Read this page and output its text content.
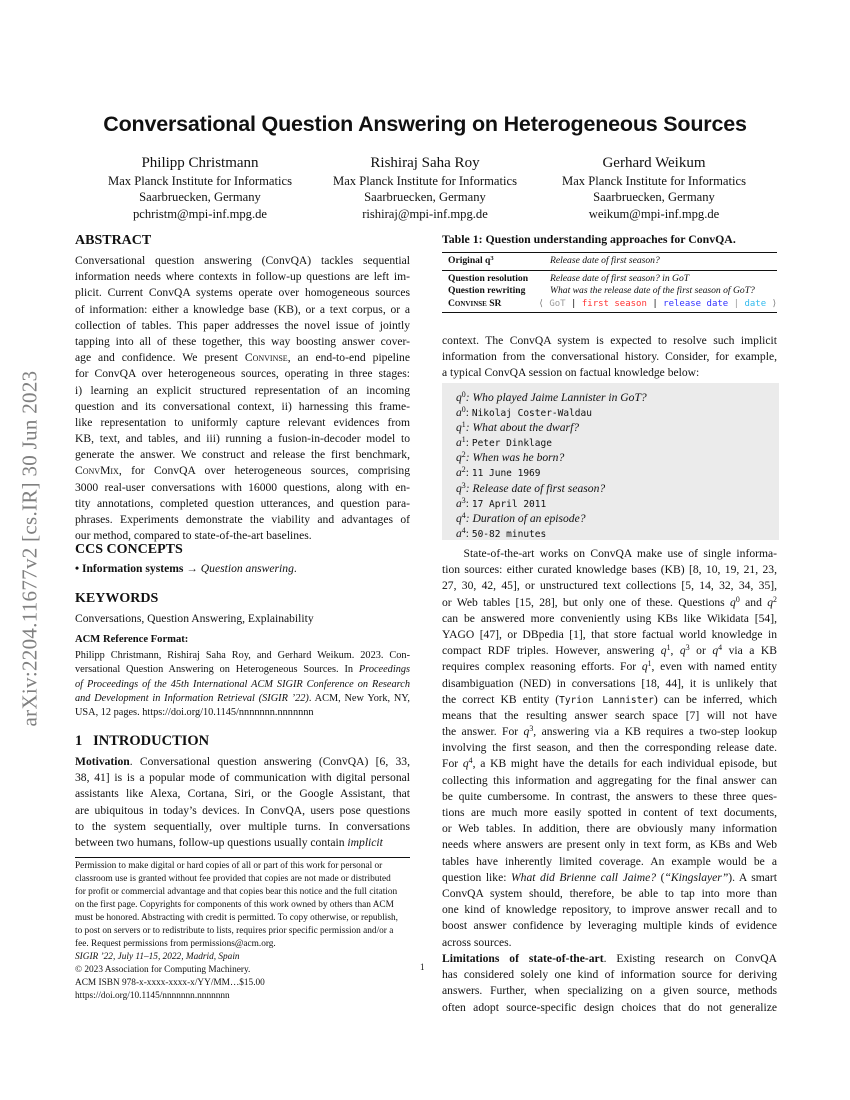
arXiv:2204.11677v2 [cs.IR] 30 Jun 2023
Conversational Question Answering on Heterogeneous Sources
Philipp Christmann
Max Planck Institute for Informatics
Saarbruecken, Germany
pchristm@mpi-inf.mpg.de
Rishiraj Saha Roy
Max Planck Institute for Informatics
Saarbruecken, Germany
rishiraj@mpi-inf.mpg.de
Gerhard Weikum
Max Planck Institute for Informatics
Saarbruecken, Germany
weikum@mpi-inf.mpg.de
ABSTRACT
Conversational question answering (ConvQA) tackles sequential
information needs where contexts in follow-up questions are left im-
plicit. Current ConvQA systems operate over homogeneous sources
of information: either a knowledge base (KB), or a text corpus, or a
collection of tables. This paper addresses the novel issue of jointly
tapping into all of these together, this way boosting answer cover-
age and confidence. We present Convinse, an end-to-end pipeline
for ConvQA over heterogeneous sources, operating in three stages:
i) learning an explicit structured representation of an incoming
question and its conversational context, ii) harnessing this frame-
like representation to uniformly capture relevant evidences from
KB, text, and tables, and iii) running a fusion-in-decoder model to
generate the answer. We construct and release the first benchmark,
ConvMix, for ConvQA over heterogeneous sources, comprising
3000 real-user conversations with 16000 questions, along with en-
tity annotations, completed question utterances, and question para-
phrases. Experiments demonstrate the viability and advantages of
our method, compared to state-of-the-art baselines.
CCS CONCEPTS
• Information systems → Question answering.
KEYWORDS
Conversations, Question Answering, Explainability
ACM Reference Format:
Philipp Christmann, Rishiraj Saha Roy, and Gerhard Weikum. 2023. Con-
versational Question Answering on Heterogeneous Sources. In Proceedings
of Proceedings of the 45th International ACM SIGIR Conference on Research
and Development in Information Retrieval (SIGIR ’22). ACM, New York, NY,
USA, 12 pages. https://doi.org/10.1145/nnnnnnn.nnnnnnn
1   INTRODUCTION
Motivation. Conversational question answering (ConvQA) [6, 33,
38, 41] is is a popular mode of communication with digital personal
assistants like Alexa, Cortana, Siri, or the Google Assistant, that
are ubiquitous in today’s devices. In ConvQA, users pose questions
to the system sequentially, over multiple turns. In conversations
between two humans, follow-up questions usually contain implicit
Permission to make digital or hard copies of all or part of this work for personal or
classroom use is granted without fee provided that copies are not made or distributed
for profit or commercial advantage and that copies bear this notice and the full citation
on the first page. Copyrights for components of this work owned by others than ACM
must be honored. Abstracting with credit is permitted. To copy otherwise, or republish,
to post on servers or to redistribute to lists, requires prior specific permission and/or a
fee. Request permissions from permissions@acm.org.
SIGIR ’22, July 11–15, 2022, Madrid, Spain
© 2023 Association for Computing Machinery.
ACM ISBN 978-x-xxxx-xxxx-x/YY/MM…$15.00
https://doi.org/10.1145/nnnnnnn.nnnnnnn
Table 1: Question understanding approaches for ConvQA.
Original $q^3$	Release date of first season?
Question resolution	Release date of first season? in GoT
Question rewriting	What was the release date of the first season of GoT?
Convinse SR	⟨ GoT | first season | release date | date ⟩
context. The ConvQA system is expected to resolve such implicit
information from the conversational history. Consider, for example,
a typical ConvQA session on factual knowledge below:
$q^0$: Who played Jaime Lannister in GoT?
$a^0$: Nikolaj Coster-Waldau
$q^1$: What about the dwarf?
$a^1$: Peter Dinklage
$q^2$: When was he born?
$a^2$: 11 June 1969
$q^3$: Release date of first season?
$a^3$: 17 April 2011
$q^4$: Duration of an episode?
$a^4$: 50-82 minutes
State-of-the-art works on ConvQA make use of single informa-
tion sources: either curated knowledge bases (KB) [8, 10, 19, 21, 23,
27, 30, 42, 45], or unstructured text collections [5, 14, 32, 34, 35],
or Web tables [15, 28], but only one of these. Questions $q^0$ and $q^2$
can be answered more conveniently using KBs like Wikidata [54],
YAGO [47], or DBpedia [1], that store factual world knowledge in
compact RDF triples. However, answering $q^1$, $q^3$ or $q^4$ via a KB
requires complex reasoning efforts. For $q^1$, even with named entity
disambiguation (NED) in conversations [18, 44], it is unlikely that
the correct KB entity (Tyrion Lannister) can be inferred, which
means that the resulting answer search space [7] will not have
the answer. For $q^3$, answering via a KB requires a two-step lookup
involving the first season, and then the corresponding release date.
For $q^4$, a KB might have the details for each individual episode, but
collecting this information and aggregating for the final answer can
be quite cumbersome. In contrast, the answers to these three ques-
tions are much more easily spotted in content of text documents,
or Web tables. In addition, there are obviously many information
needs where answers are present only in text form, as KBs and Web
tables have inherently limited coverage. An example would be a
question like: What did Brienne call Jaime? (“Kingslayer”). A smart
ConvQA system should, therefore, be able to tap into more than
one kind of knowledge repository, to improve answer recall and to
boost answer confidence by leveraging multiple kinds of evidence
across sources.
Limitations of state-of-the-art. Existing research on ConvQA
has considered solely one kind of information source for deriving
answers. Further, when specializing on a given source, methods
often adopt source-specific design choices that do not generalize
1
